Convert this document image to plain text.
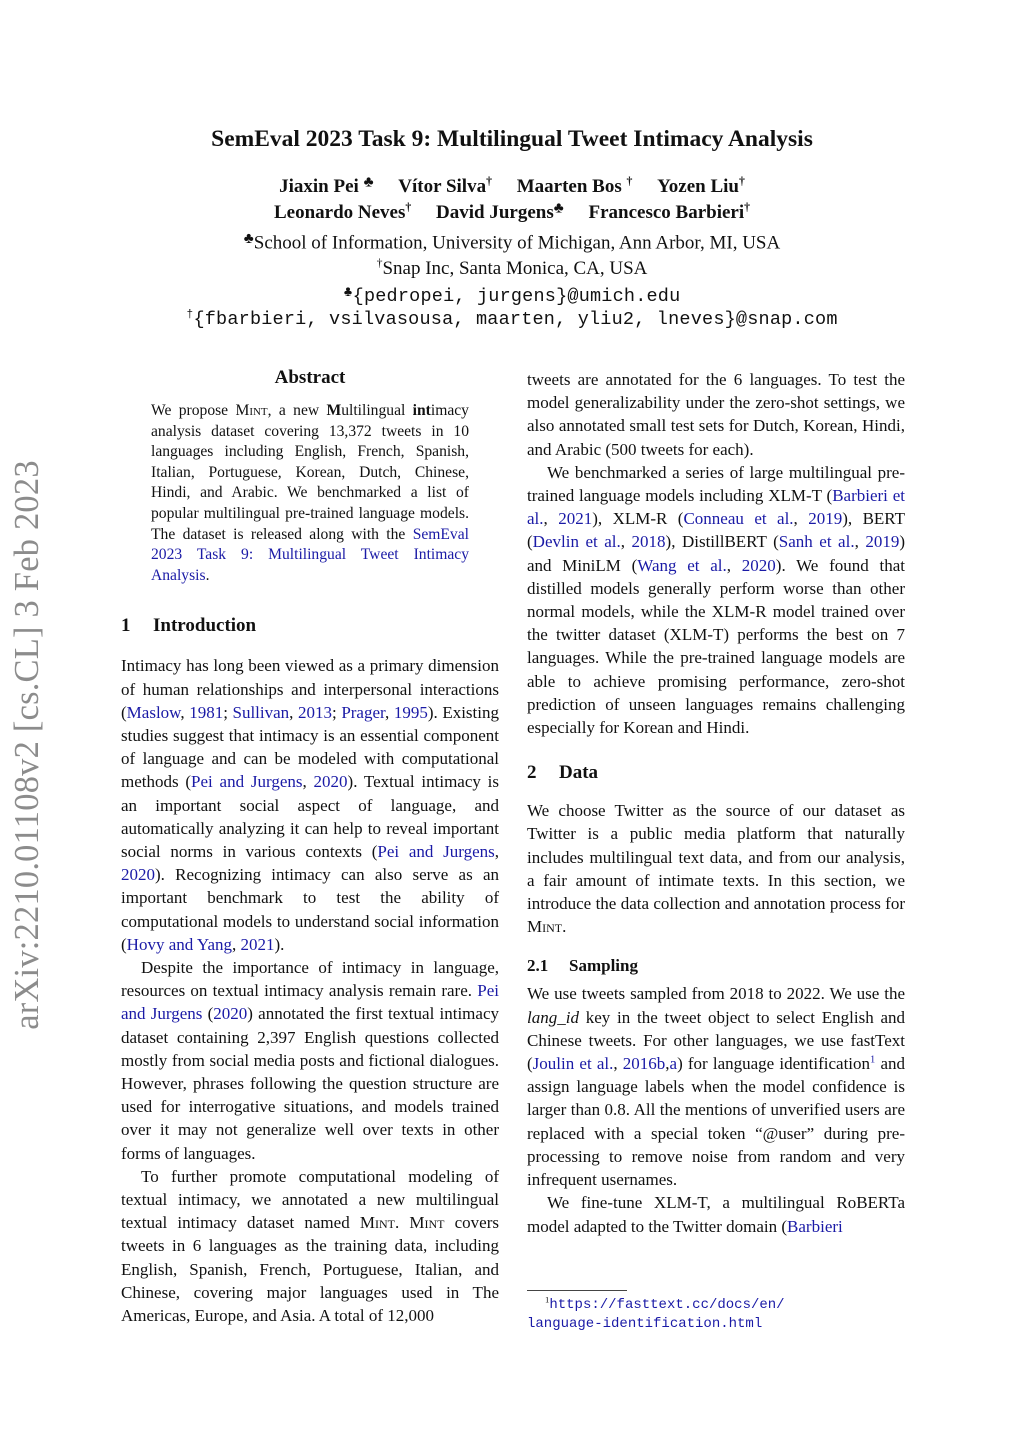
arXiv:2210.01108v2 [cs.CL] 3 Feb 2023
SemEval 2023 Task 9: Multilingual Tweet Intimacy Analysis
Jiaxin Pei ♣ Vítor Silva† Maarten Bos † Yozen Liu†
Leonardo Neves† David Jurgens♣ Francesco Barbieri†
♣School of Information, University of Michigan, Ann Arbor, MI, USA
†Snap Inc, Santa Monica, CA, USA
♣{pedropei, jurgens}@umich.edu
†{fbarbieri, vsilvasousa, maarten, yliu2, lneves}@snap.com
Abstract

We propose Mint, a new Multilingual intimacy analysis dataset covering 13,372 tweets in 10 languages including English, French, Spanish, Italian, Portuguese, Korean, Dutch, Chinese, Hindi, and Arabic. We benchmarked a list of popular multilingual pre-trained language models. The dataset is released along with the SemEval 2023 Task 9: Multilingual Tweet Intimacy Analysis.

1 Introduction

Intimacy has long been viewed as a primary dimension of human relationships and interpersonal interactions (Maslow, 1981; Sullivan, 2013; Prager, 1995). Existing studies suggest that intimacy is an essential component of language and can be modeled with computational methods (Pei and Jurgens, 2020). Textual intimacy is an important social aspect of language, and automatically analyzing it can help to reveal important social norms in various contexts (Pei and Jurgens, 2020). Recognizing intimacy can also serve as an important benchmark to test the ability of computational models to understand social information (Hovy and Yang, 2021).

Despite the importance of intimacy in language, resources on textual intimacy analysis remain rare. Pei and Jurgens (2020) annotated the first textual intimacy dataset containing 2,397 English questions collected mostly from social media posts and fictional dialogues. However, phrases following the question structure are used for interrogative situations, and models trained over it may not generalize well over texts in other forms of languages.

To further promote computational modeling of textual intimacy, we annotated a new multilingual textual intimacy dataset named Mint. Mint covers tweets in 6 languages as the training data, including English, Spanish, French, Portuguese, Italian, and Chinese, covering major languages used in The Americas, Europe, and Asia. A total of 12,000

tweets are annotated for the 6 languages. To test the model generalizability under the zero-shot settings, we also annotated small test sets for Dutch, Korean, Hindi, and Arabic (500 tweets for each).

We benchmarked a series of large multilingual pre-trained language models including XLM-T (Barbieri et al., 2021), XLM-R (Conneau et al., 2019), BERT (Devlin et al., 2018), DistillBERT (Sanh et al., 2019) and MiniLM (Wang et al., 2020). We found that distilled models generally perform worse than other normal models, while the XLM-R model trained over the twitter dataset (XLM-T) performs the best on 7 languages. While the pre-trained language models are able to achieve promising performance, zero-shot prediction of unseen languages remains challenging especially for Korean and Hindi.

2 Data

We choose Twitter as the source of our dataset as Twitter is a public media platform that naturally includes multilingual text data, and from our analysis, a fair amount of intimate texts. In this section, we introduce the data collection and annotation process for Mint.

2.1 Sampling

We use tweets sampled from 2018 to 2022. We use the lang_id key in the tweet object to select English and Chinese tweets. For other languages, we use fastText (Joulin et al., 2016b,a) for language identification$^1$ and assign language labels when the model confidence is larger than 0.8. All the mentions of unverified users are replaced with a special token “@user” during pre-processing to remove noise from random and very infrequent usernames.

We fine-tune XLM-T, a multilingual RoBERTa model adapted to the Twitter domain (Barbieri

$^1$https://fasttext.cc/docs/en/
language-identification.html
